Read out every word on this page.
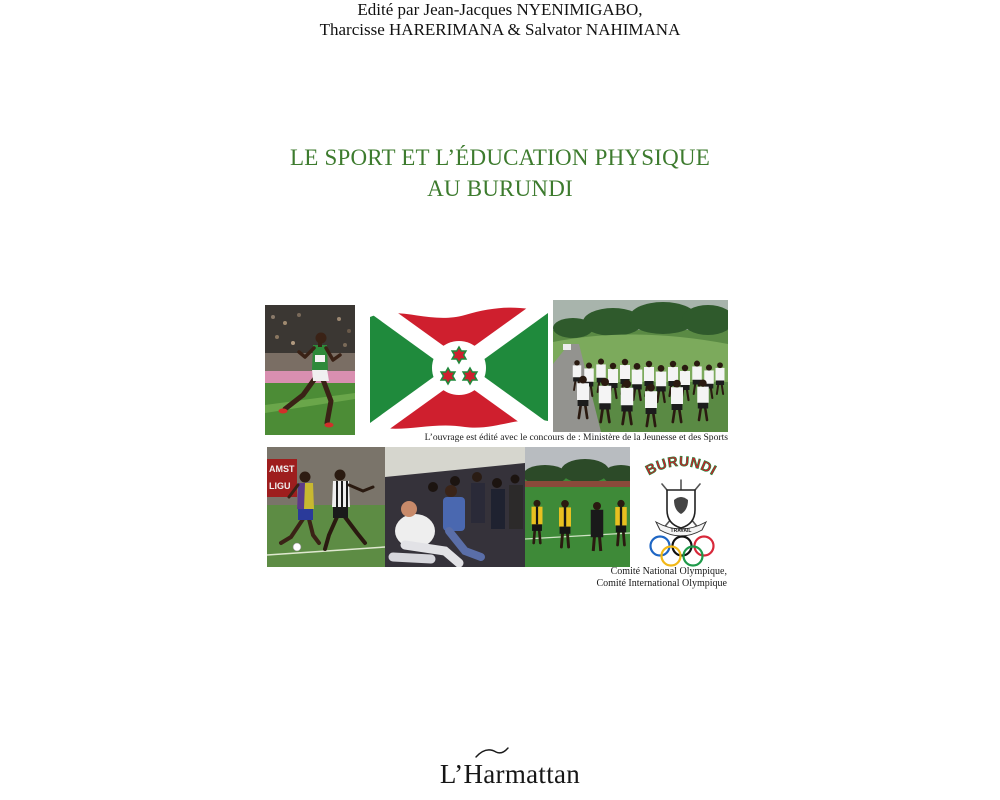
Edité par Jean-Jacques NYENIMIGABO,
Tharcisse HARERIMANA & Salvator NAHIMANA
LE SPORT ET L’ÉDUCATION PHYSIQUE
AU BURUNDI
L’ouvrage est édité avec le concours de : Ministère de la Jeunesse et des Sports
AMST
LIGU
BURUNDI
TRAVAIL
Comité National Olympique,
Comité International Olympique
L’Harmattan
